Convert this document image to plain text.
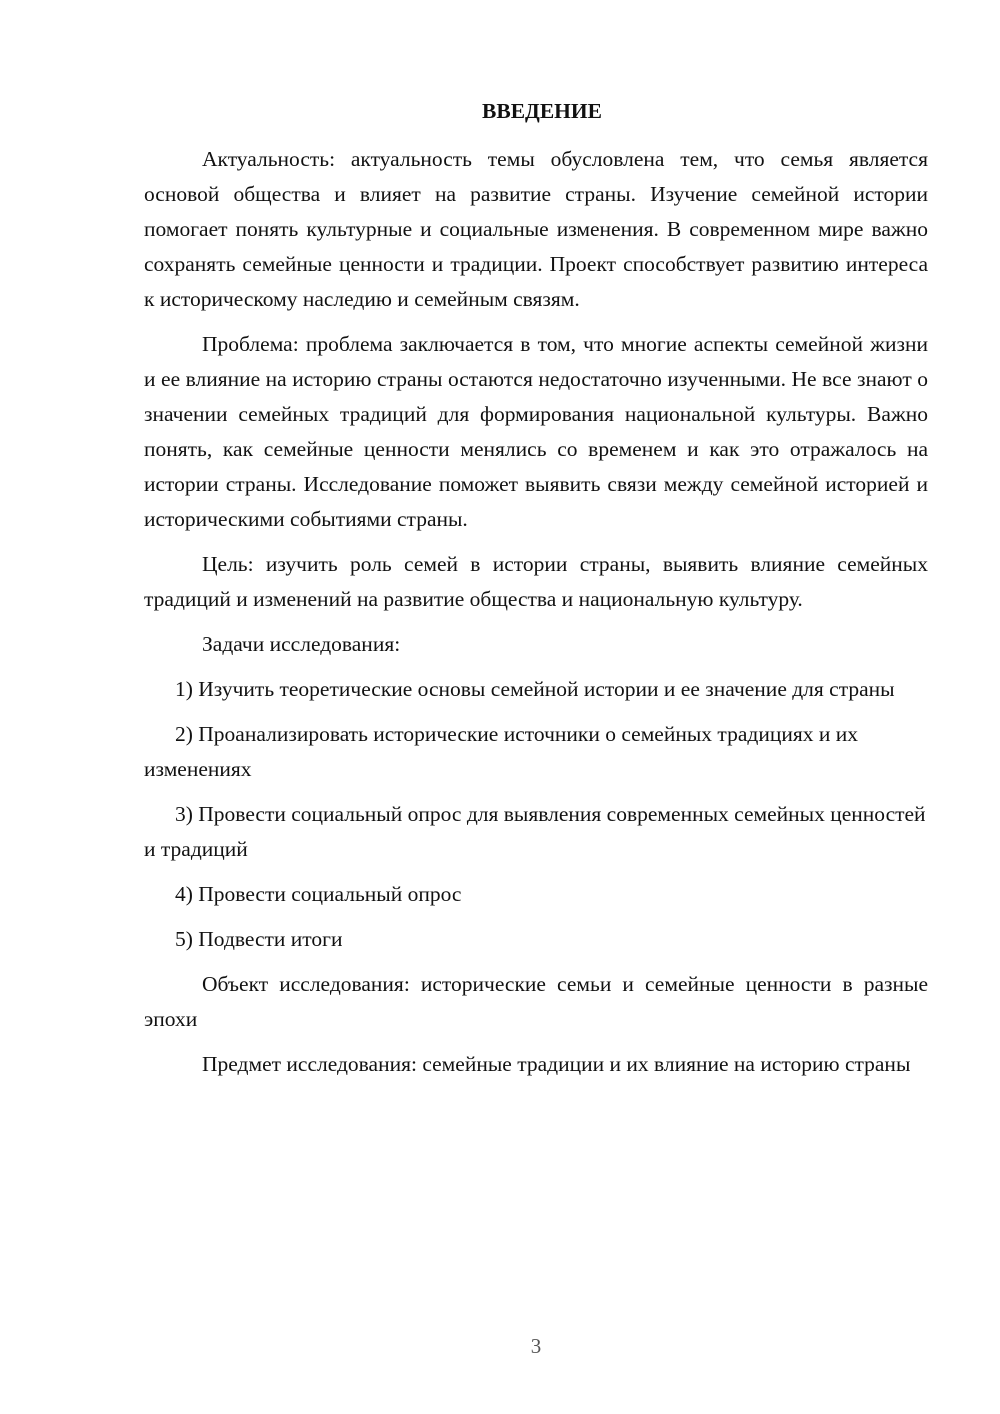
ВВЕДЕНИЕ

Актуальность: актуальность темы обусловлена тем, что семья является основой общества и влияет на развитие страны. Изучение семейной истории помогает понять культурные и социальные изменения. В современном мире важно сохранять семейные ценности и традиции. Проект способствует развитию интереса к историческому наследию и семейным связям.

Проблема: проблема заключается в том, что многие аспекты семейной жизни и ее влияние на историю страны остаются недостаточно изученными. Не все знают о значении семейных традиций для формирования национальной культуры. Важно понять, как семейные ценности менялись со временем и как это отражалось на истории страны. Исследование поможет выявить связи между семейной историей и историческими событиями страны.

Цель: изучить роль семей в истории страны, выявить влияние семейных традиций и изменений на развитие общества и национальную культуру.

Задачи исследования:

1) Изучить теоретические основы семейной истории и ее значение для страны

2) Проанализировать исторические источники о семейных традициях и их изменениях

3) Провести социальный опрос для выявления современных семейных ценностей и традиций

4) Провести социальный опрос

5) Подвести итоги

Объект исследования: исторические семьи и семейные ценности в разные эпохи

Предмет исследования: семейные традиции и их влияние на историю страны

3
